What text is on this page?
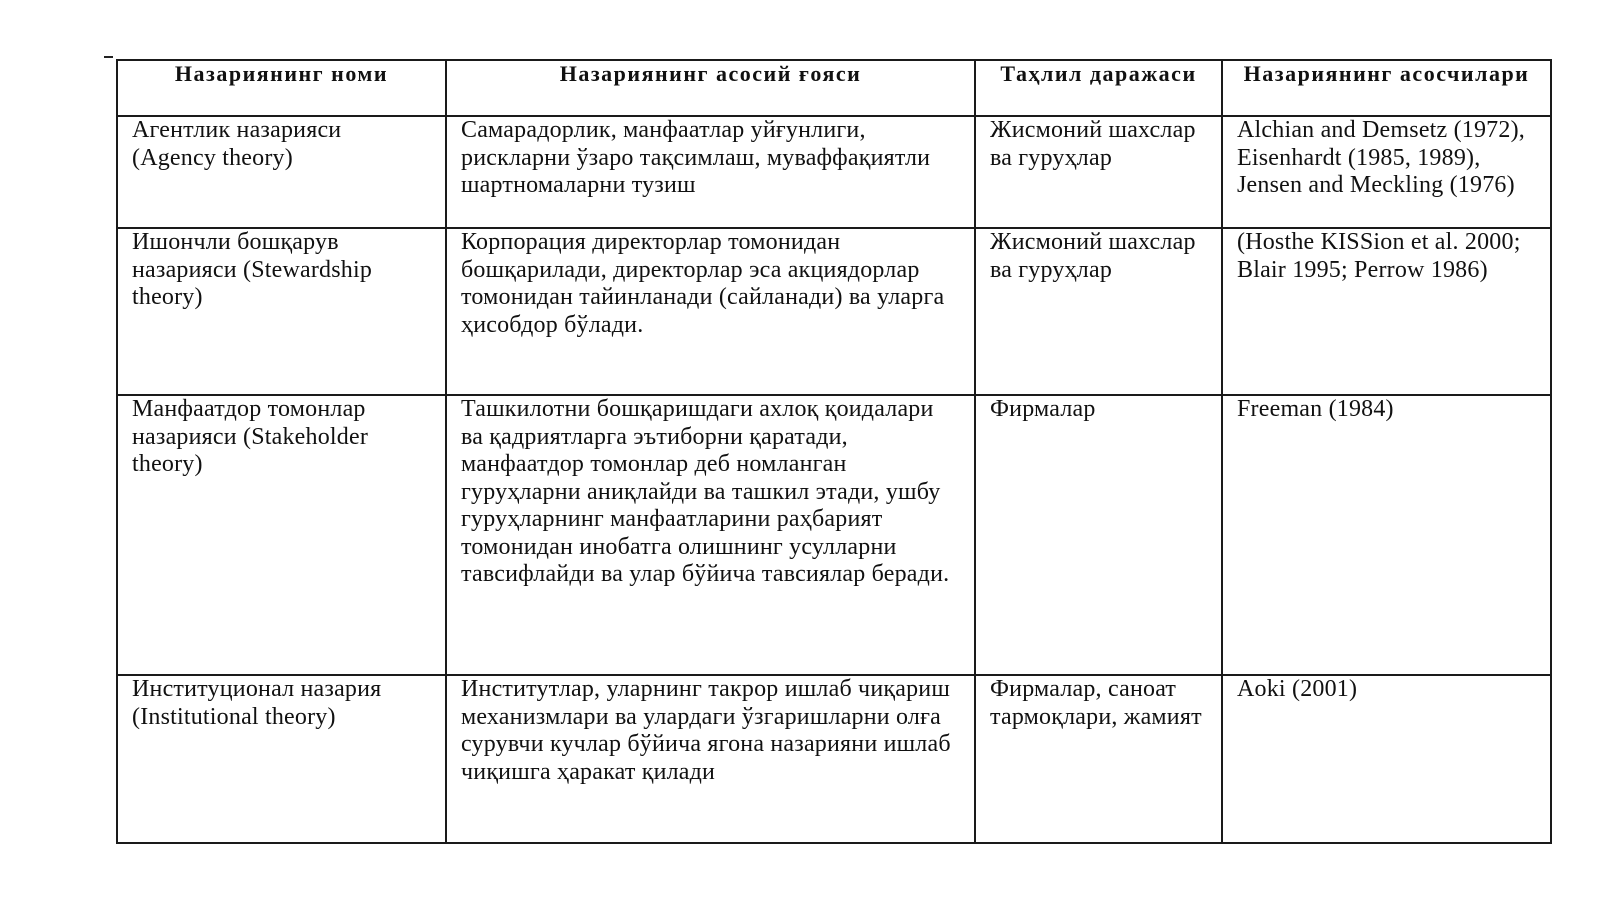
Назариянинг номи	Назариянинг асосий ғояси	Таҳлил даражаси	Назариянинг асосчилари
Агентлик назарияси (Agency theory)	Самарадорлик, манфаатлар уйғунлиги, рискларни ўзаро тақсимлаш, муваффақиятли шартномаларни тузиш	Жисмоний шахслар ва гуруҳлар	Alchian and Demsetz (1972), Eisenhardt (1985, 1989), Jensen and Meckling (1976)
Ишончли бошқарув назарияси (Stewardship theory)	Корпорация директорлар томонидан бошқарилади, директорлар эса акциядорлар томонидан тайинланади (сайланади) ва уларга ҳисобдор бўлади.	Жисмоний шахслар ва гуруҳлар	(Hosthe KISSion et al. 2000; Blair 1995; Perrow 1986)
Манфаатдор томонлар назарияси (Stakeholder theory)	Ташкилотни бошқаришдаги ахлоқ қоидалари ва қадриятларга эътиборни қаратади, манфаатдор томонлар деб номланган гуруҳларни аниқлайди ва ташкил этади, ушбу гуруҳларнинг манфаатларини раҳбарият томонидан инобатга олишнинг усулларни тавсифлайди ва улар бўйича тавсиялар беради.	Фирмалар	Freeman (1984)
Институционал назария (Institutional theory)	Институтлар, уларнинг такрор ишлаб чиқариш механизмлари ва улардаги ўзгаришларни олға сурувчи кучлар бўйича ягона назарияни ишлаб чиқишга ҳаракат қилади	Фирмалар, саноат тармоқлари, жамият	Aoki (2001)
